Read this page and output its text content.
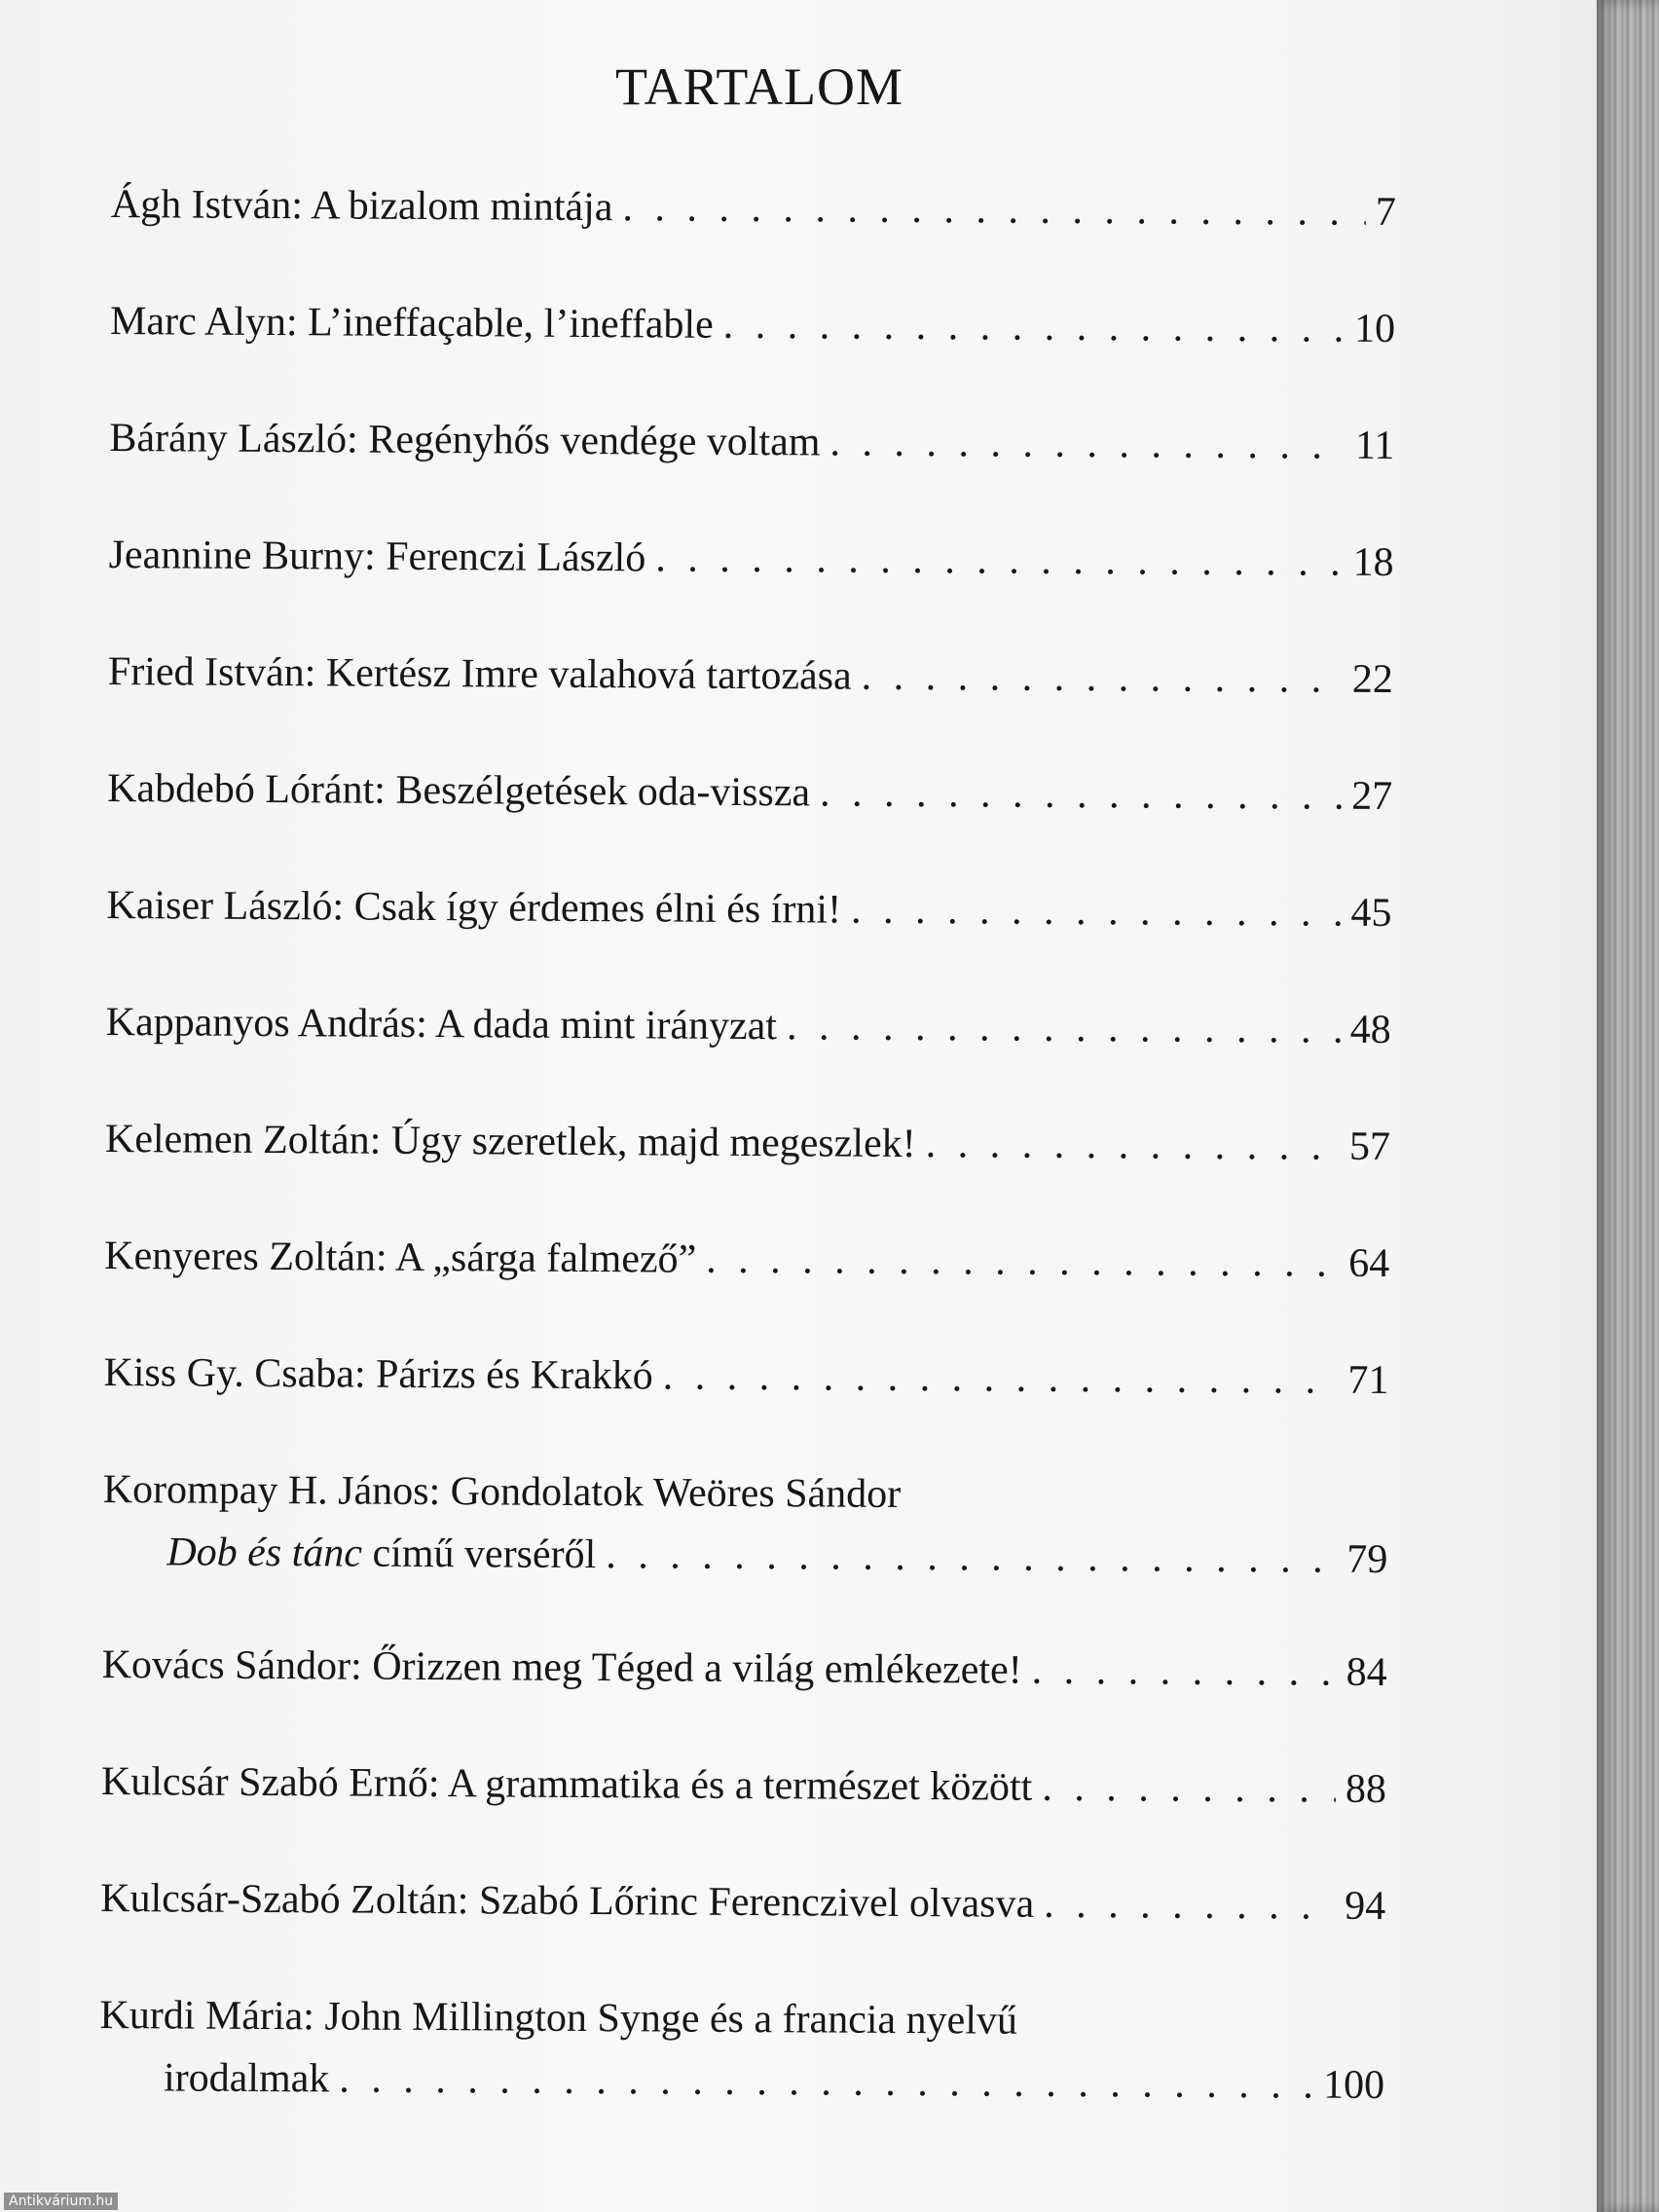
TARTALOM
Ágh István: A bizalom mintája . . .	7
Marc Alyn: L’ineffaçable, l’ineffable . . .	10
Bárány László: Regényhős vendége voltam . . .	11
Jeannine Burny: Ferenczi László . . .	18
Fried István: Kertész Imre valahová tartozása . . .	22
Kabdebó Lóránt: Beszélgetések oda-vissza . . .	27
Kaiser László: Csak így érdemes élni és írni! . . .	45
Kappanyos András: A dada mint irányzat . . .	48
Kelemen Zoltán: Úgy szeretlek, majd megeszlek! . . .	57
Kenyeres Zoltán: A „sárga falmező” . . .	64
Kiss Gy. Csaba: Párizs és Krakkó . . .	71
Korompay H. János: Gondolatok Weöres Sándor
Dob és tánc című verséről . . .	79
Kovács Sándor: Őrizzen meg Téged a világ emlékezete! . . .	84
Kulcsár Szabó Ernő: A grammatika és a természet között . . .	88
Kulcsár-Szabó Zoltán: Szabó Lőrinc Ferenczivel olvasva . . .	94
Kurdi Mária: John Millington Synge és a francia nyelvű
irodalmak . . .	100
Antikvárium.hu
